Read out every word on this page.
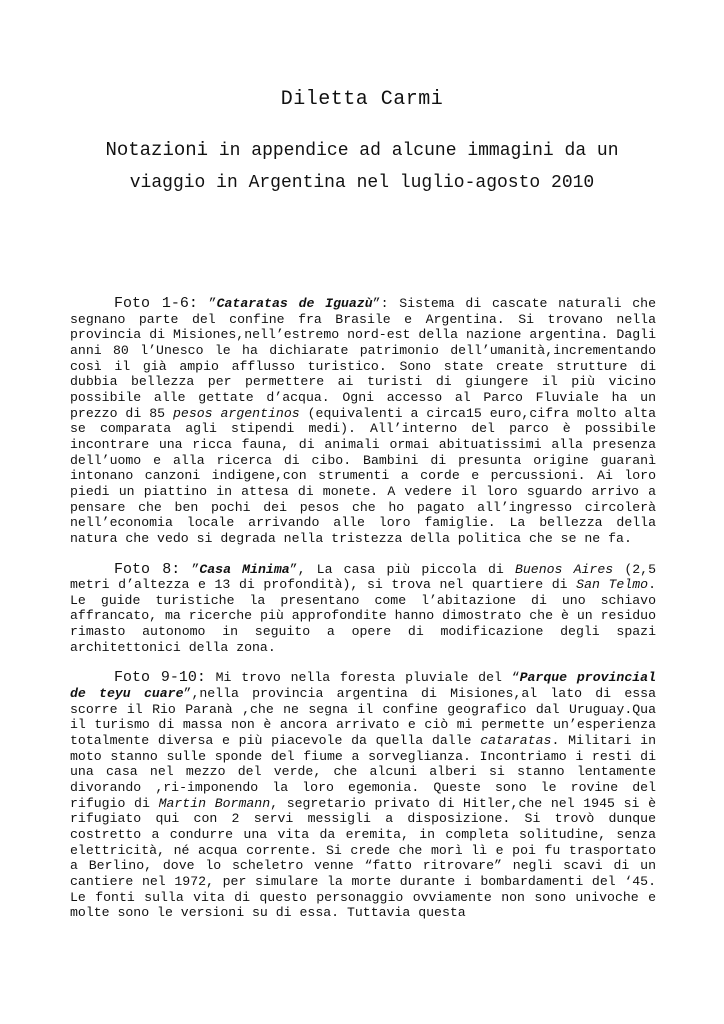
Diletta Carmi
Notazioni in appendice ad alcune immagini da un
viaggio in Argentina nel luglio-agosto 2010

Foto 1-6: ”Cataratas de Iguazù”: Sistema di cascate naturali che segnano parte del confine fra Brasile e Argentina. Si trovano nella provincia di Misiones,nell’estremo nord-est della nazione argentina. Dagli anni 80 l’Unesco le ha dichiarate patrimonio dell’umanità,incrementando così il già ampio afflusso turistico. Sono state create strutture di dubbia bellezza per permettere ai turisti di giungere il più vicino possibile alle gettate d’acqua. Ogni accesso al Parco Fluviale ha un prezzo di 85 pesos argentinos (equivalenti a circa15 euro,cifra molto alta se comparata agli stipendi medi). All’interno del parco è possibile incontrare una ricca fauna, di animali ormai abituatissimi alla presenza dell’uomo e alla ricerca di cibo. Bambini di presunta origine guaranì intonano canzoni indigene,con strumenti a corde e percussioni. Ai loro piedi un piattino in attesa di monete. A vedere il loro sguardo arrivo a pensare che ben pochi dei pesos che ho pagato all’ingresso circolerà nell’economia locale arrivando alle loro famiglie. La bellezza della natura che vedo si degrada nella tristezza della politica che se ne fa.

Foto 8: ”Casa Minima”, La casa più piccola di Buenos Aires (2,5 metri d’altezza e 13 di profondità), si trova nel quartiere di San Telmo. Le guide turistiche la presentano come l’abitazione di uno schiavo affrancato, ma ricerche più approfondite hanno dimostrato che è un residuo rimasto autonomo in seguito a opere di modificazione degli spazi architettonici della zona.

Foto 9-10: Mi trovo nella foresta pluviale del “Parque provincial de teyu cuare”,nella provincia argentina di Misiones,al lato di essa scorre il Rio Paranà ,che ne segna il confine geografico dal Uruguay.Qua il turismo di massa non è ancora arrivato e ciò mi permette un’esperienza totalmente diversa e più piacevole da quella dalle cataratas. Militari in moto stanno sulle sponde del fiume a sorveglianza. Incontriamo i resti di una casa nel mezzo del verde, che alcuni alberi si stanno lentamente divorando ,ri-imponendo la loro egemonia. Queste sono le rovine del rifugio di Martin Bormann, segretario privato di Hitler,che nel 1945 si è rifugiato qui con 2 servi messigli a disposizione. Si trovò dunque costretto a condurre una vita da eremita, in completa solitudine, senza elettricità, né acqua corrente. Si crede che morì lì e poi fu trasportato a Berlino, dove lo scheletro venne “fatto ritrovare” negli scavi di un cantiere nel 1972, per simulare la morte durante i bombardamenti del ‘45. Le fonti sulla vita di questo personaggio ovviamente non sono univoche e molte sono le versioni su di essa. Tuttavia questa
